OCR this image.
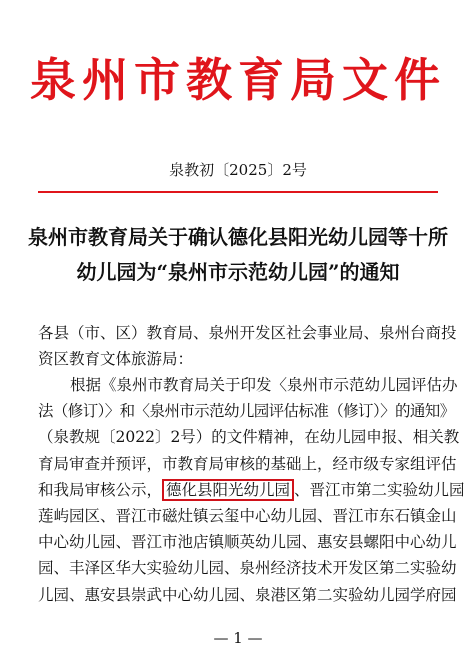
泉州市教育局文件
泉教初〔2025〕2号
泉州市教育局关于确认德化县阳光幼儿园等十所
幼儿园为“泉州市示范幼儿园”的通知
各县（市、区）教育局、泉州开发区社会事业局、泉州台商投
资区教育文体旅游局：
根据《泉州市教育局关于印发〈泉州市示范幼儿园评估办
法（修订）〉和〈泉州市示范幼儿园评估标准（修订）〉的通知》
（泉教规〔2022〕2号）的文件精神，在幼儿园申报、相关教
育局审查并预评，市教育局审核的基础上，经市级专家组评估
和我局审核公示， 德化县阳光幼儿园 、晋江市第二实验幼儿园
莲屿园区、晋江市磁灶镇云玺中心幼儿园、晋江市东石镇金山
中心幼儿园、晋江市池店镇顺英幼儿园、惠安县螺阳中心幼儿
园、丰泽区华大实验幼儿园、泉州经济技术开发区第二实验幼
儿园、惠安县崇武中心幼儿园、泉港区第二实验幼儿园学府园
— 1 —
